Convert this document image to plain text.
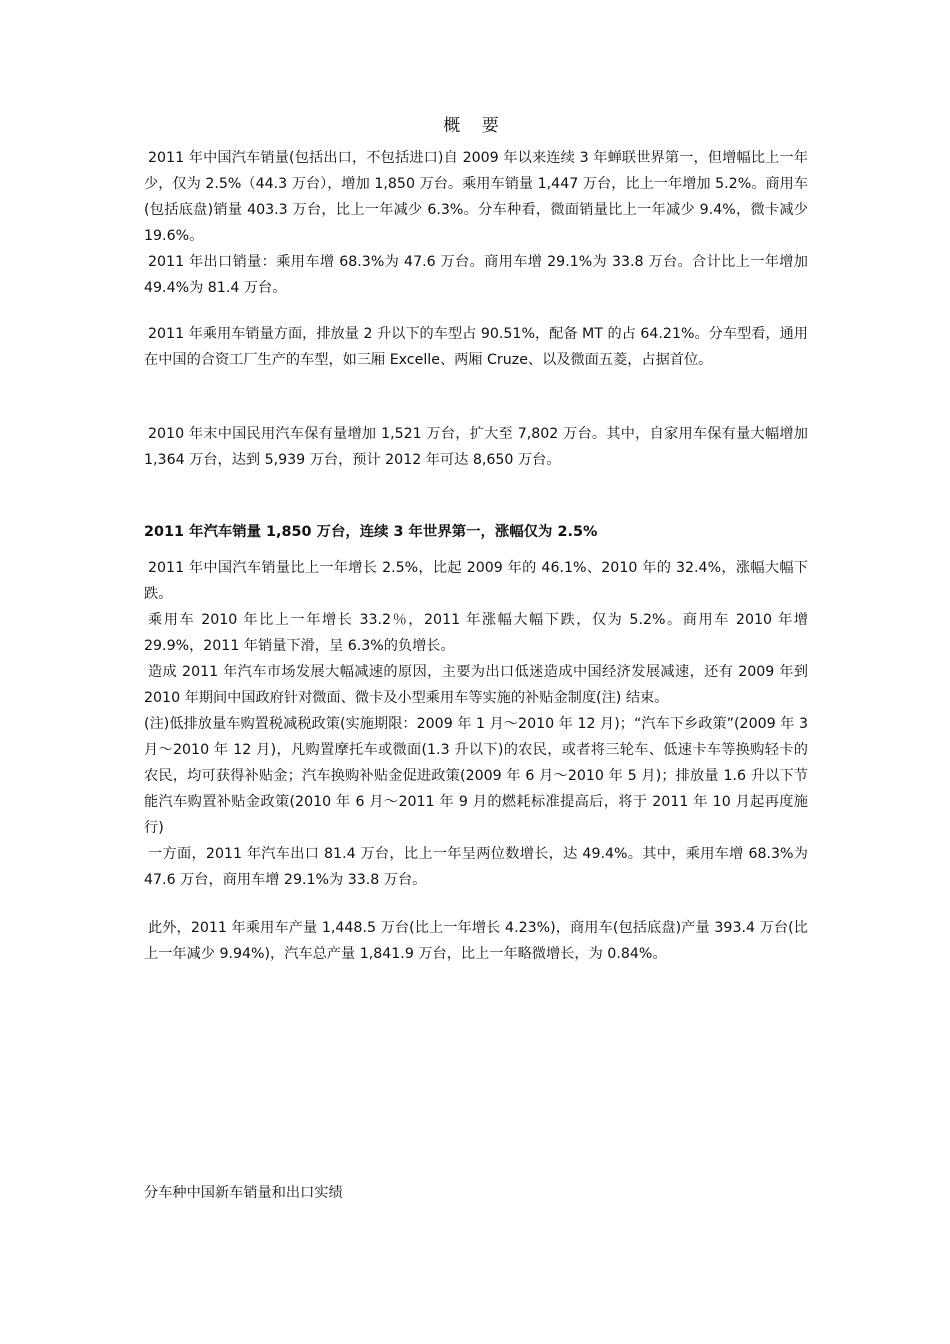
概 要

2011 年中国汽车销量(包括出口，不包括进口)自 2009 年以来连续 3 年蝉联世界第一，但增幅比上一年少，仅为 2.5%（44.3 万台），增加 1,850 万台。乘用车销量 1,447 万台，比上一年增加 5.2%。商用车(包括底盘)销量 403.3 万台，比上一年减少 6.3%。分车种看，微面销量比上一年减少 9.4%，微卡减少 19.6%。

2011 年出口销量：乘用车增 68.3%为 47.6 万台。商用车增 29.1%为 33.8 万台。合计比上一年增加 49.4%为 81.4 万台。

2011 年乘用车销量方面，排放量 2 升以下的车型占 90.51%，配备 MT 的占 64.21%。分车型看，通用在中国的合资工厂生产的车型，如三厢 Excelle、两厢 Cruze、以及微面五菱，占据首位。

2010 年末中国民用汽车保有量增加 1,521 万台，扩大至 7,802 万台。其中，自家用车保有量大幅增加 1,364 万台，达到 5,939 万台，预计 2012 年可达 8,650 万台。

2011 年汽车销量 1,850 万台，连续 3 年世界第一，涨幅仅为 2.5%

2011 年中国汽车销量比上一年增长 2.5%，比起 2009 年的 46.1%、2010 年的 32.4%，涨幅大幅下跌。

乘用车 2010 年比上一年增长 33.2％，2011 年涨幅大幅下跌，仅为 5.2%。商用车 2010 年增 29.9%，2011 年销量下滑，呈 6.3%的负增长。

造成 2011 年汽车市场发展大幅减速的原因，主要为出口低迷造成中国经济发展减速，还有 2009 年到 2010 年期间中国政府针对微面、微卡及小型乘用车等实施的补贴金制度(注) 结束。

(注)低排放量车购置税减税政策(实施期限：2009 年 1 月～2010 年 12 月)；“汽车下乡政策”(2009 年 3 月～2010 年 12 月)，凡购置摩托车或微面(1.3 升以下)的农民，或者将三轮车、低速卡车等换购轻卡的农民，均可获得补贴金；汽车换购补贴金促进政策(2009 年 6 月～2010 年 5 月)；排放量 1.6 升以下节能汽车购置补贴金政策(2010 年 6 月～2011 年 9 月的燃耗标准提高后，将于 2011 年 10 月起再度施行)

一方面，2011 年汽车出口 81.4 万台，比上一年呈两位数增长，达 49.4%。其中，乘用车增 68.3%为 47.6 万台，商用车增 29.1%为 33.8 万台。

此外，2011 年乘用车产量 1,448.5 万台(比上一年增长 4.23%)，商用车(包括底盘)产量 393.4 万台(比上一年减少 9.94%)，汽车总产量 1,841.9 万台，比上一年略微增长，为 0.84%。

分车种中国新车销量和出口实绩
